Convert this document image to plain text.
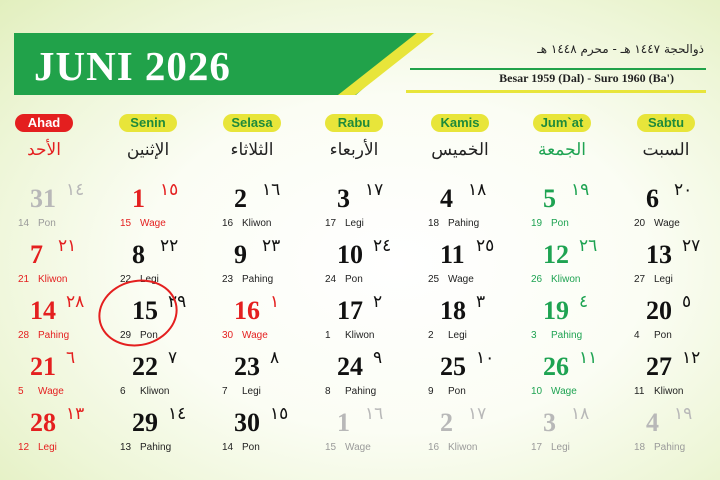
JUNI 2026	ذوالحجة ١٤٤٧ هـ - محرم ١٤٤٨ هـ
Besar 1959 (Dal) - Suro 1960 (Ba')
Ahad
الأحد
Senin
الإثنين
Selasa
الثلاثاء
Rabu
الأربعاء
Kamis
الخميس
Jum`at
الجمعة
Sabtu
السبت
31 ١٤
14 Pon
1 ١٥
15 Wage
2 ١٦
16 Kliwon
3 ١٧
17 Legi
4 ١٨
18 Pahing
5 ١٩
19 Pon
6 ٢٠
20 Wage
7 ٢١
21 Kliwon
8 ٢٢
22 Legi
9 ٢٣
23 Pahing
10 ٢٤
24 Pon
11 ٢٥
25 Wage
12 ٢٦
26 Kliwon
13 ٢٧
27 Legi
14 ٢٨
28 Pahing
15 ٢٩
29 Pon
16 ١
30 Wage
17 ٢
1 Kliwon
18 ٣
2 Legi
19 ٤
3 Pahing
20 ٥
4 Pon
21 ٦
5 Wage
22 ٧
6 Kliwon
23 ٨
7 Legi
24 ٩
8 Pahing
25 ١٠
9 Pon
26 ١١
10 Wage
27 ١٢
11 Kliwon
28 ١٣
12 Legi
29 ١٤
13 Pahing
30 ١٥
14 Pon
1 ١٦
15 Wage
2 ١٧
16 Kliwon
3 ١٨
17 Legi
4 ١٩
18 Pahing
